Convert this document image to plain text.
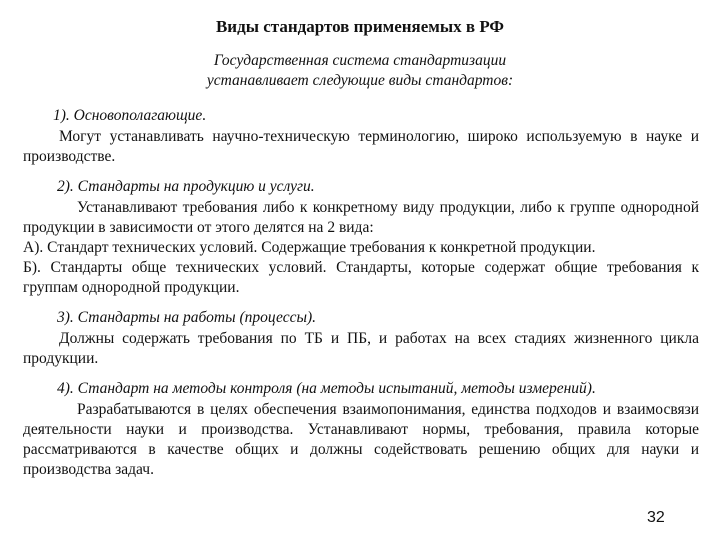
Виды стандартов применяемых в РФ
Государственная система стандартизации
устанавливает следующие виды стандартов:
1). Основополагающие.
Могут устанавливать научно-техническую терминологию, широко используемую в науке и производстве.
2). Стандарты на продукцию и услуги.
Устанавливают требования либо к конкретному виду продукции, либо к группе однородной продукции в зависимости от этого делятся на 2 вида:
А). Стандарт технических условий. Содержащие требования к конкретной продукции.
Б). Стандарты обще технических условий. Стандарты, которые содержат общие требования к группам однородной продукции.
3). Стандарты на работы (процессы).
Должны содержать требования по ТБ и ПБ, и работах на всех стадиях жизненного цикла продукции.
4). Стандарт на методы контроля (на методы испытаний, методы измерений).
Разрабатываются в целях обеспечения взаимопонимания, единства подходов и взаимосвязи деятельности науки и производства. Устанавливают нормы, требования, правила которые рассматриваются в качестве общих и должны содействовать решению общих для науки и производства задач.
32
